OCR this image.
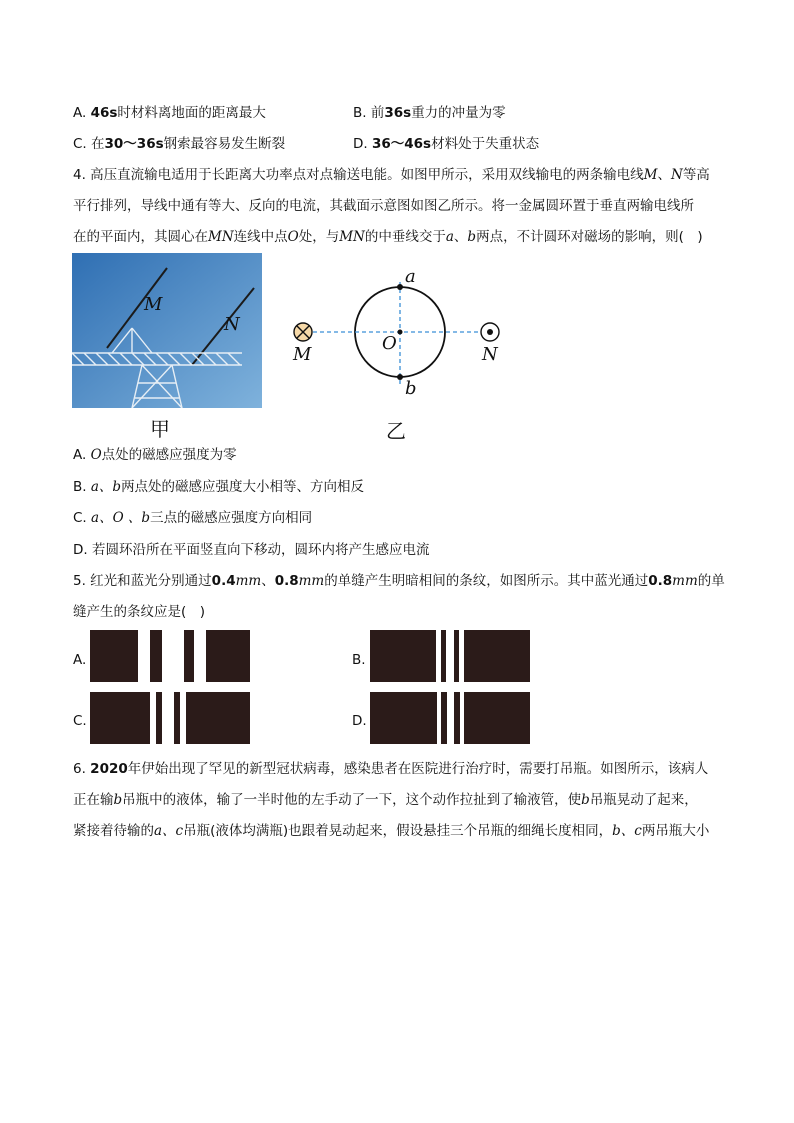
A. 46s时材料离地面的距离最大	B. 前36s重力的冲量为零
C. 在30～36s钢索最容易发生断裂	D. 36～46s材料处于失重状态
4. 高压直流输电适用于长距离大功率点对点输送电能。如图甲所示，采用双线输电的两条输电线M、N等高
平行排列，导线中通有等大、反向的电流，其截面示意图如图乙所示。将一金属圆环置于垂直两输电线所
在的平面内，其圆心在MN连线中点O处，与MN的中垂线交于a、b两点，不计圆环对磁场的影响，则(　)
M
N
甲
a
b
O
M	N
乙
A. O点处的磁感应强度为零
B. a、b两点处的磁感应强度大小相等、方向相反
C. a、O 、b三点的磁感应强度方向相同
D. 若圆环沿所在平面竖直向下移动，圆环内将产生感应电流
5. 红光和蓝光分别通过0.4mm、0.8mm的单缝产生明暗相间的条纹，如图所示。其中蓝光通过0.8mm的单
缝产生的条纹应是(　)
A.	B.
C.	D.
6. 2020年伊始出现了罕见的新型冠状病毒，感染患者在医院进行治疗时，需要打吊瓶。如图所示，该病人
正在输b吊瓶中的液体，输了一半时他的左手动了一下，这个动作拉扯到了输液管，使b吊瓶晃动了起来，
紧接着待输的a、c吊瓶(液体均满瓶)也跟着晃动起来，假设悬挂三个吊瓶的细绳长度相同，b、c两吊瓶大小
